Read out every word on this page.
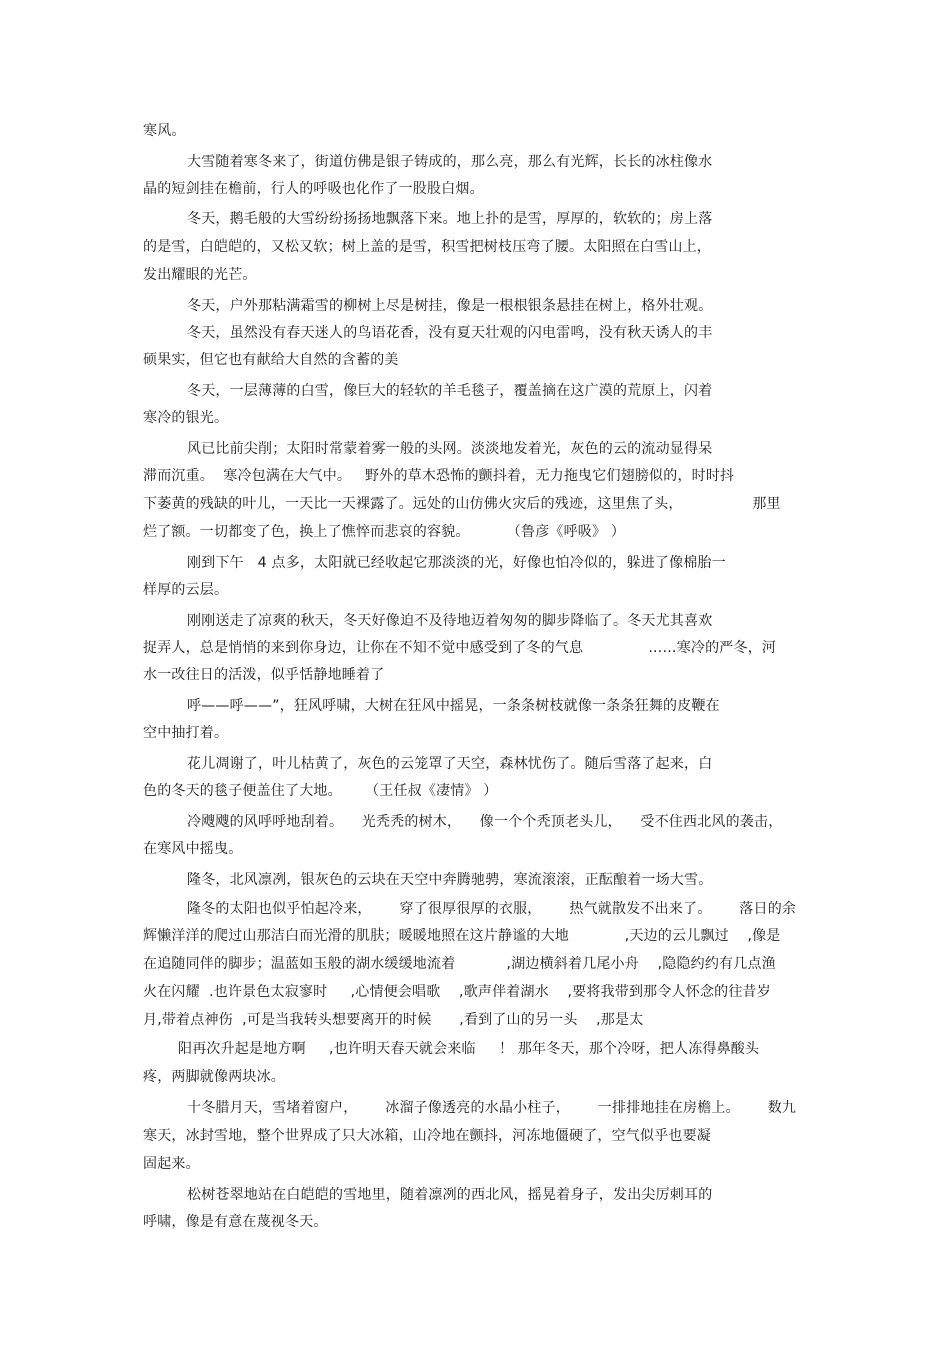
寒风。
大雪随着寒冬来了，街道仿佛是银子铸成的，那么亮，那么有光辉，长长的冰柱像水
晶的短剑挂在檐前，行人的呼吸也化作了一股股白烟。
冬天，鹅毛般的大雪纷纷扬扬地飘落下来。地上扑的是雪，厚厚的，软软的；房上落
的是雪，白皑皑的，又松又软；树上盖的是雪，积雪把树枝压弯了腰。太阳照在白雪山上，
发出耀眼的光芒。
冬天，户外那粘满霜雪的柳树上尽是树挂，像是一根根银条悬挂在树上，格外壮观。
冬天，虽然没有春天迷人的鸟语花香，没有夏天壮观的闪电雷鸣，没有秋天诱人的丰
硕果实，但它也有献给大自然的含蓄的美
冬天，一层薄薄的白雪，像巨大的轻软的羊毛毯子，覆盖摘在这广漠的荒原上，闪着
寒冷的银光。
风已比前尖削；太阳时常蒙着雾一般的头网。淡淡地发着光，灰色的云的流动显得呆
滞而沉重。  寒冷包满在大气中。   野外的草木恐怖的颤抖着，无力拖曳它们翅膀似的，时时抖
下萎黄的残缺的叶儿，一天比一天裸露了。远处的山仿佛火灾后的残迹，这里焦了头，               那里
烂了额。一切都变了色，换上了憔悴而悲哀的容貌。        （鲁彦《呼吸》 ）
刚到下午   4 点多，太阳就已经收起它那淡淡的光，好像也怕冷似的，躲进了像棉胎一
样厚的云层。
刚刚送走了凉爽的秋天，冬天好像迫不及待地迈着匆匆的脚步降临了。冬天尤其喜欢
捉弄人，总是悄悄的来到你身边，让你在不知不觉中感受到了冬的气息              ……寒冷的严冬，河
水一改往日的活泼，似乎恬静地睡着了
呼——呼——”，狂风呼啸，大树在狂风中摇晃，一条条树枝就像一条条狂舞的皮鞭在
空中抽打着。
花儿凋谢了，叶儿枯黄了，灰色的云笼罩了天空，森林忧伤了。随后雪落了起来，白
色的冬天的毯子便盖住了大地。     （王任叔《凄情》 ）
冷飕飕的风呼呼地刮着。    光秃秃的树木，    像一个个秃顶老头儿，    受不住西北风的袭击，
在寒风中摇曳。
隆冬，北风凛冽，银灰色的云块在天空中奔腾驰骋，寒流滚滚，正酝酿着一场大雪。
隆冬的太阳也似乎怕起冷来，      穿了很厚很厚的衣服，      热气就散发不出来了。      落日的余
辉懒洋洋的爬过山那洁白而光滑的肌肤；暖暖地照在这片静谧的大地            ,天边的云儿飘过    ,像是
在追随同伴的脚步；温蓝如玉般的湖水缓缓地流着           ,湖边横斜着几尾小舟    ,隐隐约约有几点渔
火在闪耀  .也许景色太寂寥时     ,心情便会唱歌    ,歌声伴着湖水    ,要将我带到那令人怀念的往昔岁
月,带着点神伤  ,可是当我转头想要离开的时候      ,看到了山的另一头    ,那是太
阳再次升起是地方啊     ,也许明天春天就会来临     ！ 那年冬天，那个冷呀，把人冻得鼻酸头
疼，两脚就像两块冰。
十冬腊月天，雪堵着窗户，      冰溜子像透亮的水晶小柱子，      一排排地挂在房檐上。      数九
寒天，冰封雪地，整个世界成了只大冰箱，山冷地在颤抖，河冻地僵硬了，空气似乎也要凝
固起来。
松树苍翠地站在白皑皑的雪地里，随着凛冽的西北风，摇晃着身子，发出尖厉刺耳的
呼啸，像是有意在蔑视冬天。
